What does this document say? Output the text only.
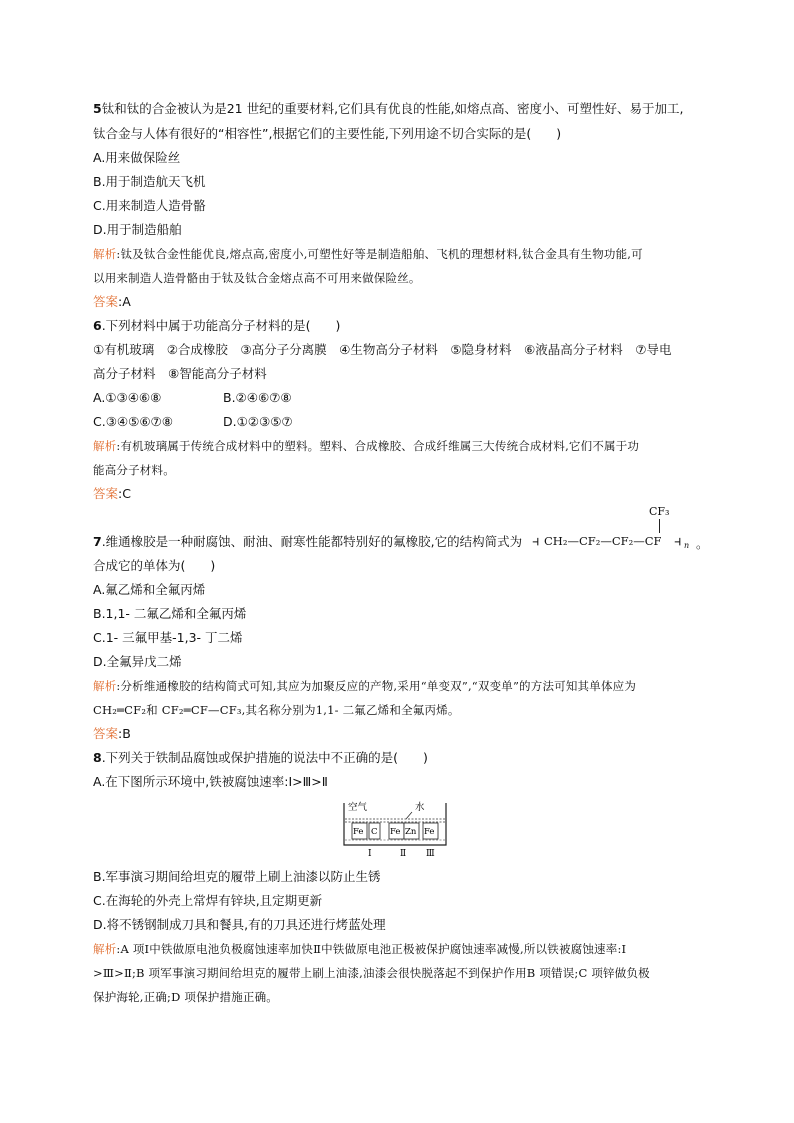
5钛和钛的合金被认为是21 世纪的重要材料,它们具有优良的性能,如熔点高、密度小、可塑性好、易于加工,
钛合金与人体有很好的“相容性”,根据它们的主要性能,下列用途不切合实际的是(　　)
A.用来做保险丝
B.用于制造航天飞机
C.用来制造人造骨骼
D.用于制造船舶
解析:钛及钛合金性能优良,熔点高,密度小,可塑性好等是制造船舶、飞机的理想材料,钛合金具有生物功能,可
以用来制造人造骨骼由于钛及钛合金熔点高不可用来做保险丝。
答案:A
6.下列材料中属于功能高分子材料的是(　　)
①有机玻璃　②合成橡胶　③高分子分离膜　④生物高分子材料　⑤隐身材料　⑥液晶高分子材料　⑦导电
高分子材料　⑧智能高分子材料
A.①③④⑥⑧	B.②④⑥⑦⑧
C.③④⑤⑥⑦⑧	D.①②③⑤⑦
解析:有机玻璃属于传统合成材料中的塑料。塑料、合成橡胶、合成纤维属三大传统合成材料,它们不属于功
能高分子材料。
答案:C
7.维通橡胶是一种耐腐蚀、耐油、耐寒性能都特别好的氟橡胶,它的结构简式为
CF₃
⫞ CH₂—CF₂—CF₂—CF ⫞ n 。
合成它的单体为(　　)
A.氟乙烯和全氟丙烯
B.1,1- 二氟乙烯和全氟丙烯
C.1- 三氟甲基-1,3- 丁二烯
D.全氟异戊二烯
解析:分析维通橡胶的结构简式可知,其应为加聚反应的产物,采用“单变双”,“双变单”的方法可知其单体应为
CH₂═CF₂和 CF₂═CF—CF₃,其名称分别为1,1- 二氟乙烯和全氟丙烯。
答案:B
8.下列关于铁制品腐蚀或保护措施的说法中不正确的是(　　)
A.在下图所示环境中,铁被腐蚀速率:Ⅰ>Ⅲ>Ⅱ
空气	水
Fe C Fe Zn Fe
Ⅰ	Ⅱ Ⅲ
B.军事演习期间给坦克的履带上刷上油漆以防止生锈
C.在海轮的外壳上常焊有锌块,且定期更新
D.将不锈钢制成刀具和餐具,有的刀具还进行烤蓝处理
解析:A 项Ⅰ中铁做原电池负极腐蚀速率加快Ⅱ中铁做原电池正极被保护腐蚀速率减慢,所以铁被腐蚀速率:Ⅰ
>Ⅲ>Ⅱ;B 项军事演习期间给坦克的履带上刷上油漆,油漆会很快脱落起不到保护作用B 项错误;C 项锌做负极
保护海轮,正确;D 项保护措施正确。
